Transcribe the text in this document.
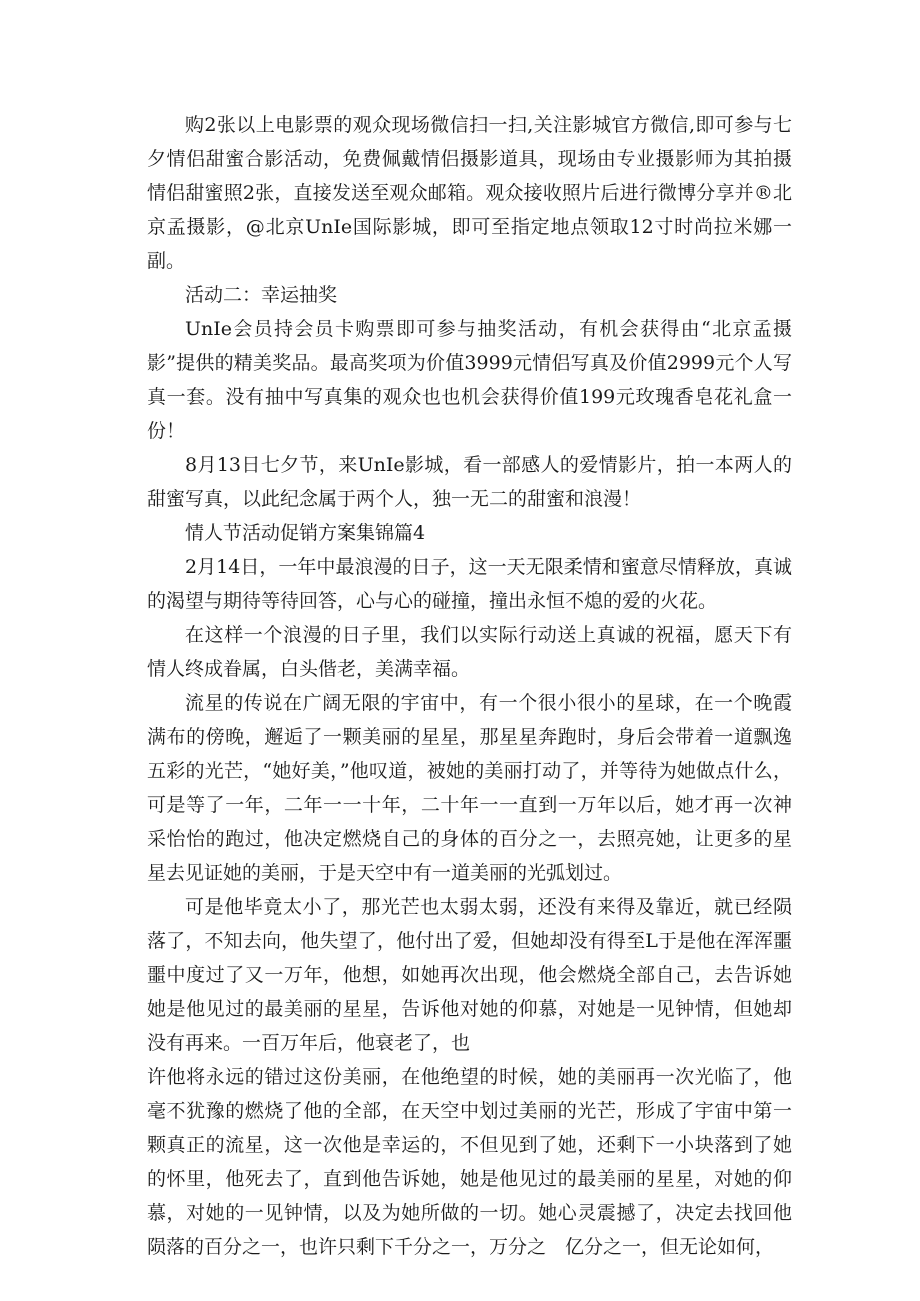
购2张以上电影票的观众现场微信扫一扫,关注影城官方微信,即可参与七夕情侣甜蜜合影活动，免费佩戴情侣摄影道具，现场由专业摄影师为其拍摄情侣甜蜜照2张，直接发送至观众邮箱。观众接收照片后进行微博分享并®北京孟摄影，@北京UnIe国际影城，即可至指定地点领取12寸时尚拉米娜一副。

活动二：幸运抽奖

UnIe会员持会员卡购票即可参与抽奖活动，有机会获得由“北京孟摄影”提供的精美奖品。最高奖项为价值3999元情侣写真及价值2999元个人写真一套。没有抽中写真集的观众也也机会获得价值199元玫瑰香皂花礼盒一份！

8月13日七夕节，来UnIe影城，看一部感人的爱情影片，拍一本两人的甜蜜写真，以此纪念属于两个人，独一无二的甜蜜和浪漫！

情人节活动促销方案集锦篇4

2月14日，一年中最浪漫的日子，这一天无限柔情和蜜意尽情释放，真诚的渴望与期待等待回答，心与心的碰撞，撞出永恒不熄的爱的火花。

在这样一个浪漫的日子里，我们以实际行动送上真诚的祝福，愿天下有情人终成眷属，白头偕老，美满幸福。

流星的传说在广阔无限的宇宙中，有一个很小很小的星球，在一个晚霞满布的傍晚，邂逅了一颗美丽的星星，那星星奔跑时，身后会带着一道飘逸五彩的光芒，“她好美，”他叹道，被她的美丽打动了，并等待为她做点什么，可是等了一年，二年一一十年，二十年一一直到一万年以后，她才再一次神采怡怡的跑过，他决定燃烧自己的身体的百分之一，去照亮她，让更多的星星去见证她的美丽，于是天空中有一道美丽的光弧划过。

可是他毕竟太小了，那光芒也太弱太弱，还没有来得及靠近，就已经陨落了，不知去向，他失望了，他付出了爱，但她却没有得至L于是他在浑浑噩噩中度过了又一万年，他想，如她再次出现，他会燃烧全部自己，去告诉她她是他见过的最美丽的星星，告诉他对她的仰慕，对她是一见钟情，但她却没有再来。一百万年后，他衰老了，也

许他将永远的错过这份美丽，在他绝望的时候，她的美丽再一次光临了，他毫不犹豫的燃烧了他的全部，在天空中划过美丽的光芒，形成了宇宙中第一颗真正的流星，这一次他是幸运的，不但见到了她，还剩下一小块落到了她的怀里，他死去了，直到他告诉她，她是他见过的最美丽的星星，对她的仰慕，对她的一见钟情，以及为她所做的一切。她心灵震撼了，决定去找回他陨落的百分之一，也许只剩下千分之一，万分之　亿分之一，但无论如何，
